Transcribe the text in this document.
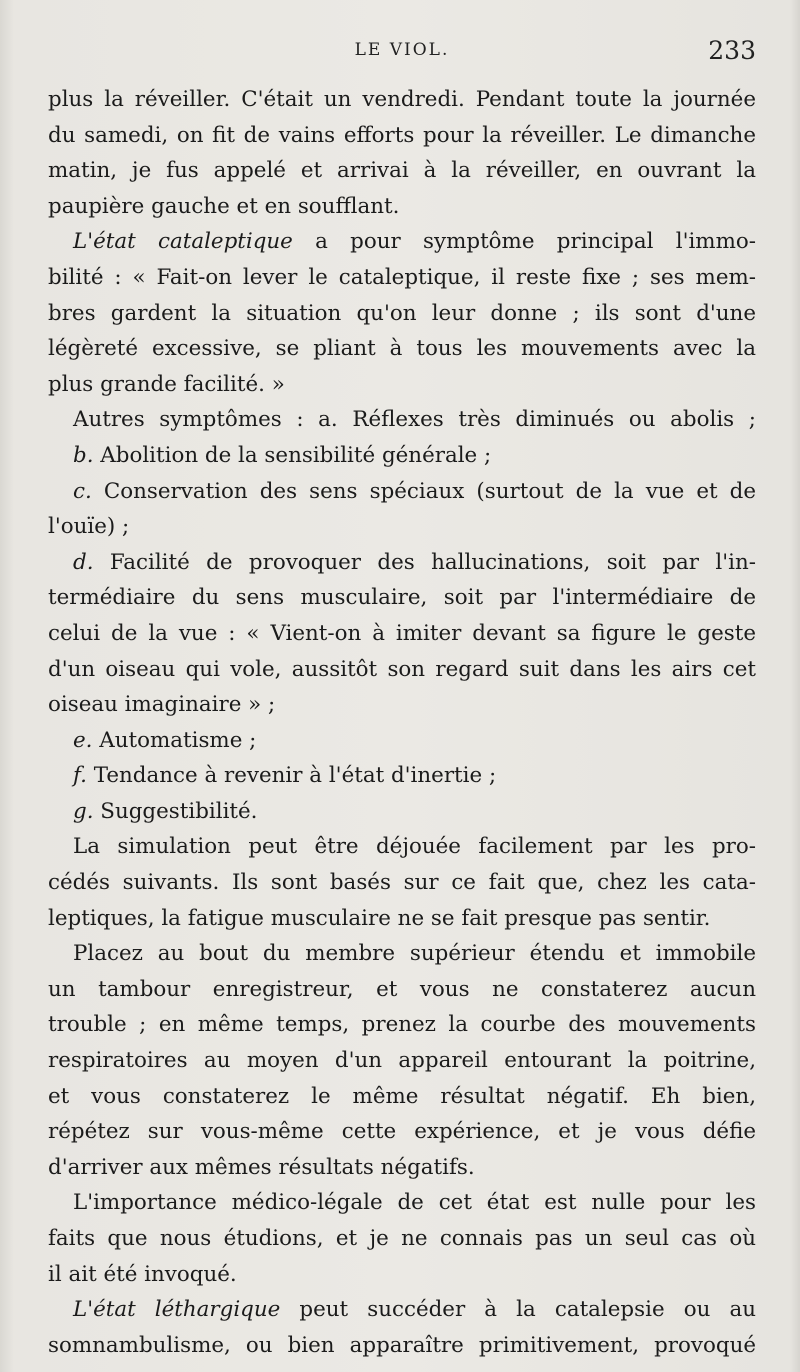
LE VIOL.	233
plus la réveiller. C'était un vendredi. Pendant toute la journée
du samedi, on fit de vains efforts pour la réveiller. Le dimanche
matin, je fus appelé et arrivai à la réveiller, en ouvrant la
paupière gauche et en soufflant.
L'état cataleptique a pour symptôme principal l'immo-
bilité : « Fait-on lever le cataleptique, il reste fixe ; ses mem-
bres gardent la situation qu'on leur donne ; ils sont d'une
légèreté excessive, se pliant à tous les mouvements avec la
plus grande facilité. »
Autres symptômes : a. Réflexes très diminués ou abolis ;
b. Abolition de la sensibilité générale ;
c. Conservation des sens spéciaux (surtout de la vue et de
l'ouïe) ;
d. Facilité de provoquer des hallucinations, soit par l'in-
termédiaire du sens musculaire, soit par l'intermédiaire de
celui de la vue : « Vient-on à imiter devant sa figure le geste
d'un oiseau qui vole, aussitôt son regard suit dans les airs cet
oiseau imaginaire » ;
e. Automatisme ;
f. Tendance à revenir à l'état d'inertie ;
g. Suggestibilité.
La simulation peut être déjouée facilement par les pro-
cédés suivants. Ils sont basés sur ce fait que, chez les cata-
leptiques, la fatigue musculaire ne se fait presque pas sentir.
Placez au bout du membre supérieur étendu et immobile
un tambour enregistreur, et vous ne constaterez aucun
trouble ; en même temps, prenez la courbe des mouvements
respiratoires au moyen d'un appareil entourant la poitrine,
et vous constaterez le même résultat négatif. Eh bien,
répétez sur vous-même cette expérience, et je vous défie
d'arriver aux mêmes résultats négatifs.
L'importance médico-légale de cet état est nulle pour les
faits que nous étudions, et je ne connais pas un seul cas où
il ait été invoqué.
L'état léthargique peut succéder à la catalepsie ou au
somnambulisme, ou bien apparaître primitivement, provoqué
